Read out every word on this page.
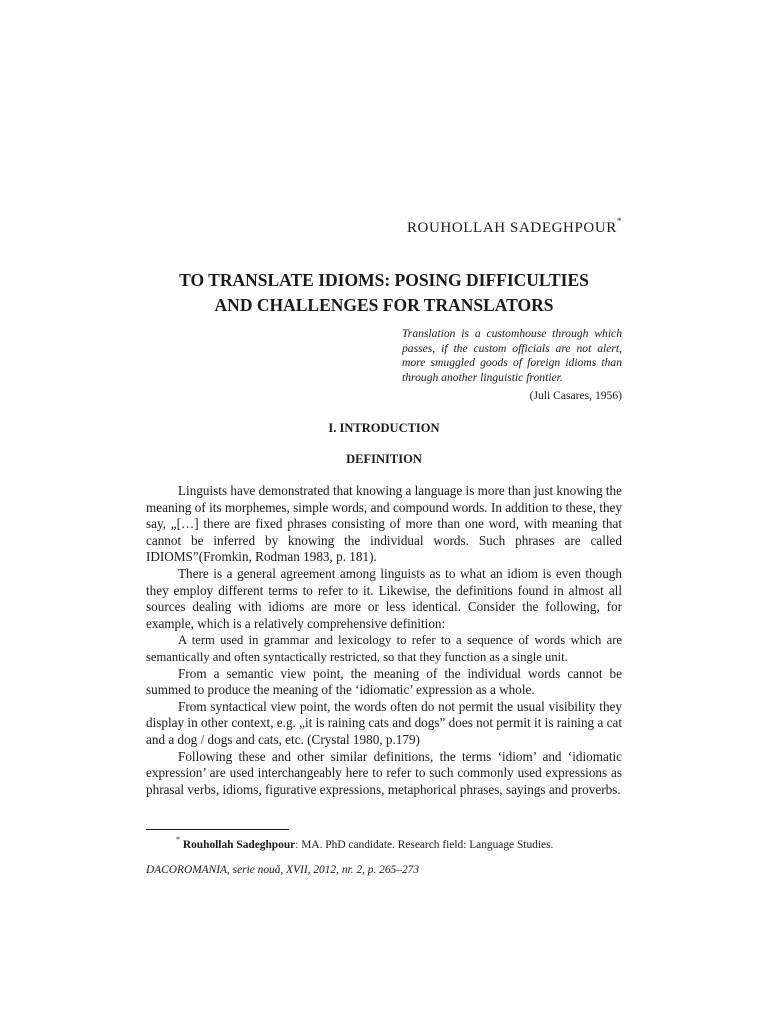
ROUHOLLAH SADEGHPOUR*
TO TRANSLATE IDIOMS: POSING DIFFICULTIES
AND CHALLENGES FOR TRANSLATORS
Translation is a customhouse through which passes, if the custom officials are not alert, more smuggled goods of foreign idioms than through another linguistic frontier.
(Juli Casares, 1956)
I. INTRODUCTION
DEFINITION

Linguists have demonstrated that knowing a language is more than just knowing the meaning of its morphemes, simple words, and compound words. In addition to these, they say, „[…] there are fixed phrases consisting of more than one word, with meaning that cannot be inferred by knowing the individual words. Such phrases are called IDIOMS”(Fromkin, Rodman 1983, p. 181).

There is a general agreement among linguists as to what an idiom is even though they employ different terms to refer to it. Likewise, the definitions found in almost all sources dealing with idioms are more or less identical. Consider the following, for example, which is a relatively comprehensive definition:

A term used in grammar and lexicology to refer to a sequence of words which are semantically and often syntactically restricted, so that they function as a single unit.

From a semantic view point, the meaning of the individual words cannot be summed to produce the meaning of the ‘idiomatic’ expression as a whole.

From syntactical view point, the words often do not permit the usual visibility they display in other context, e.g. „it is raining cats and dogs” does not permit it is raining a cat and a dog / dogs and cats, etc. (Crystal 1980, p.179)

Following these and other similar definitions, the terms ‘idiom’ and ‘idiomatic expression’ are used interchangeably here to refer to such commonly used expressions as phrasal verbs, idioms, figurative expressions, metaphorical phrases, sayings and proverbs.

* Rouhollah Sadeghpour: MA. PhD candidate. Research field: Language Studies.
DACOROMANIA, serie nouă, XVII, 2012, nr. 2, p. 265–273
